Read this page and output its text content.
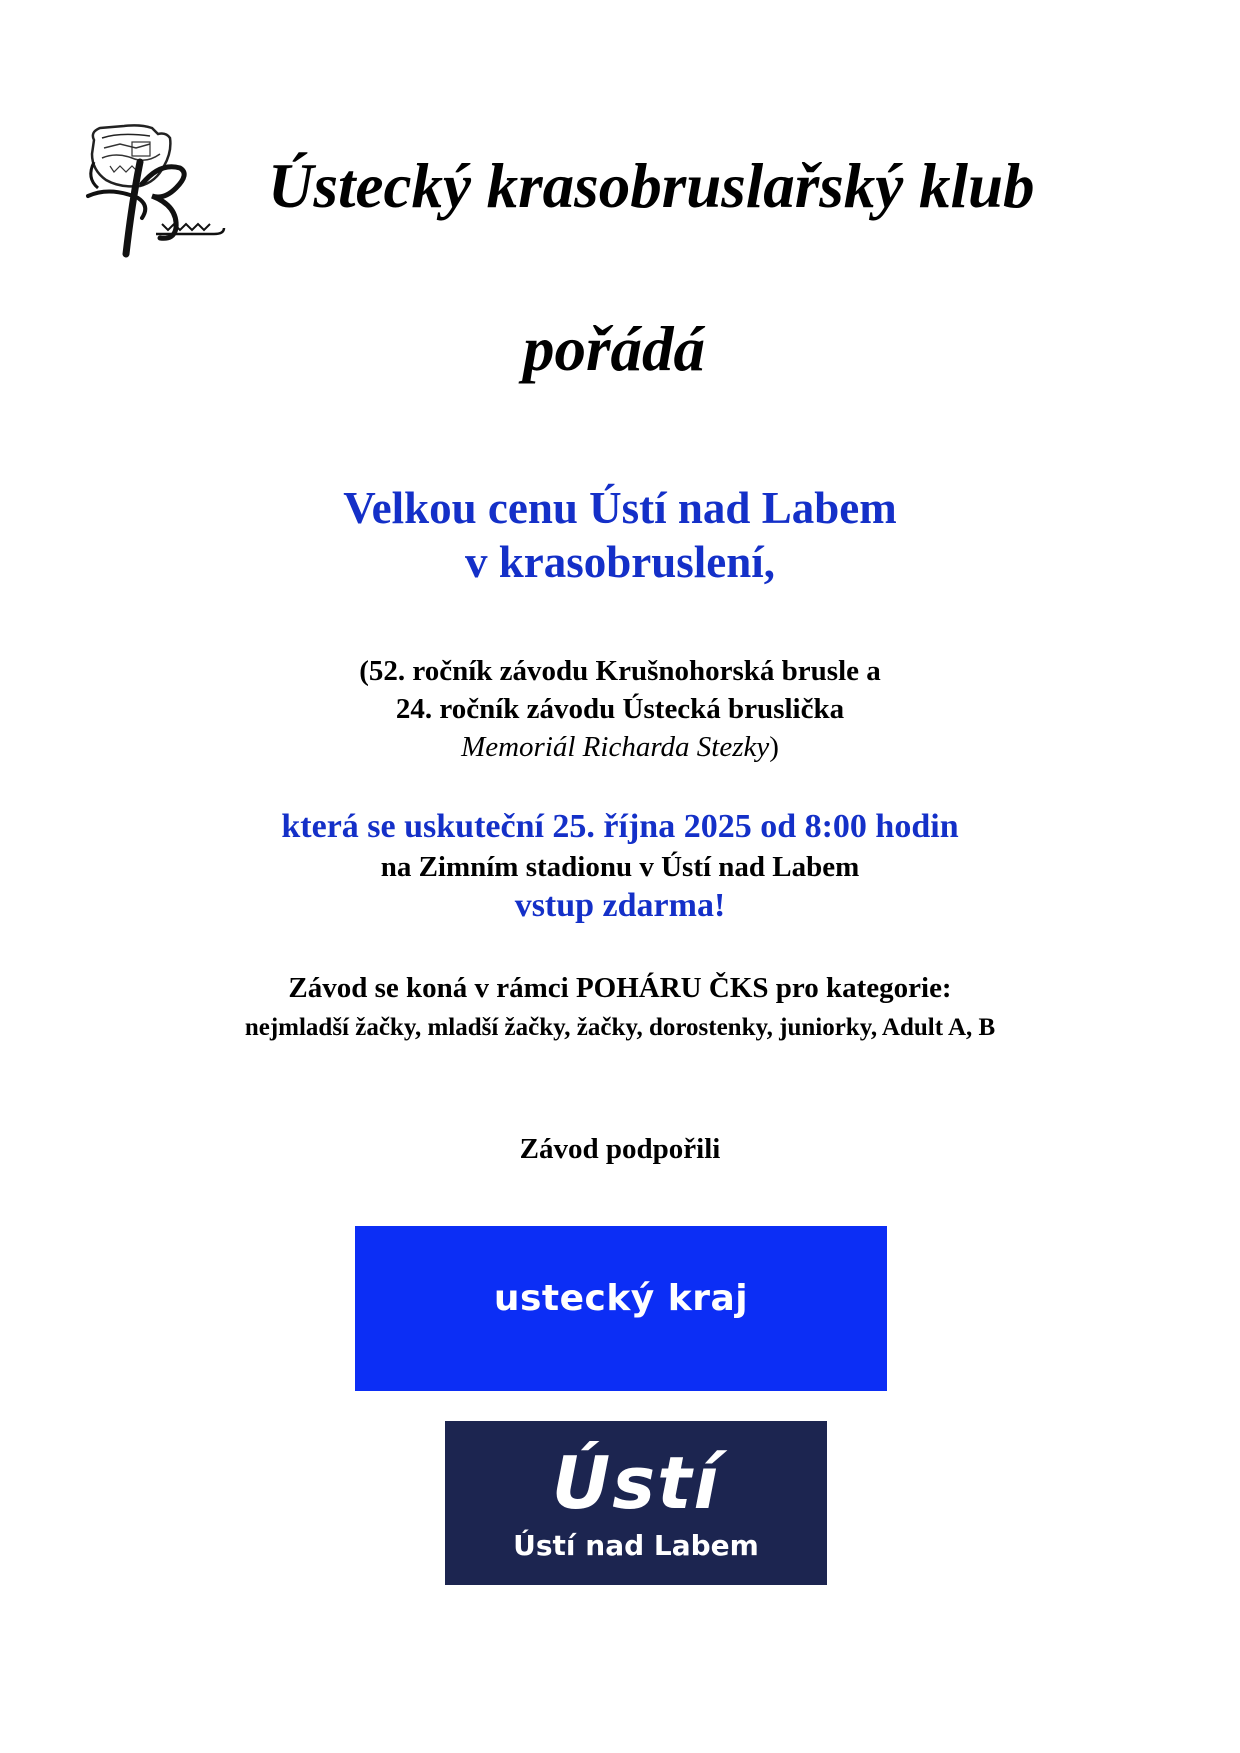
Ústecký krasobruslařský klub
pořádá
Velkou cenu Ústí nad Labem
v krasobruslení,
(52. ročník závodu Krušnohorská brusle a
24. ročník závodu Ústecká bruslička
Memoriál Richarda Stezky)
která se uskuteční 25. října 2025 od 8:00 hodin
na Zimním stadionu v Ústí nad Labem
vstup zdarma!
Závod se koná v rámci POHÁRU ČKS pro kategorie:
nejmladší žačky, mladší žačky, žačky, dorostenky, juniorky, Adult A, B
Závod podpořili
ustecký kraj
Ústí
Ústí nad Labem
